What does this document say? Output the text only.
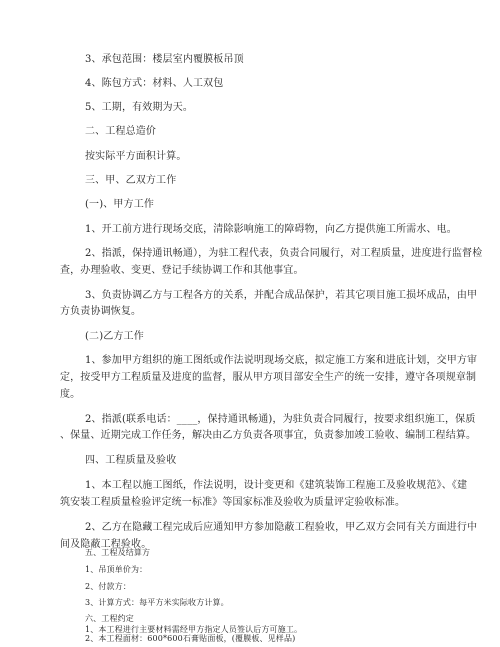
3、承包范围：楼层室内覆膜板吊顶

4、陈包方式：材料、人工双包

5、工期，有效期为天。

二、工程总造价

按实际平方面积计算。

三、甲、乙双方工作

(一)、甲方工作

1、开工前方进行现场交底，清除影响施工的障碍物，向乙方提供施工所需水、电。

2、指派，保持通讯畅通），为驻工程代表，负责合同履行，对工程质量，进度进行监督检

查，办理验收、变更、登记手续协调工作和其他事宜。

3、负责协调乙方与工程各方的关系，并配合成品保护，若其它项目施工损坏成品，由甲

方负责协调恢复。

(二)乙方工作

1、参加甲方组织的施工图纸或作法说明现场交底，拟定施工方案和进底计划，交甲方审

定，按受甲方工程质量及进度的监督，服从甲方项目部安全生产的统一安排，遵守各项规章制

度。

2、指派(联系电话：____，保持通讯畅通)，为驻负责合同履行，按要求组织施工，保质

、保量、近期完成工作任务，解决由乙方负责各项事宜，负责参加竣工验收、编制工程结算。

四、工程质量及验收

1、本工程以施工图纸，作法说明，设计变更和《建筑装饰工程施工及验收规范》、《建

筑安装工程质量检验评定统一标准》等国家标准及验收为质量评定验收标准。

2、乙方在隐藏工程完成后应通知甲方参加隐蔽工程验收，甲乙双方会同有关方面进行中

间及隐蔽工程验收。

五、工程及结算方

1、吊顶单价为：

2、付款方：

3、计算方式：每平方米实际收方计算。

六、工程约定

1、本工程进行主要材料需经甲方指定人员签认后方可施工。

2、本工程面材：600*600石膏贴面板，(覆膜板、见样品)
